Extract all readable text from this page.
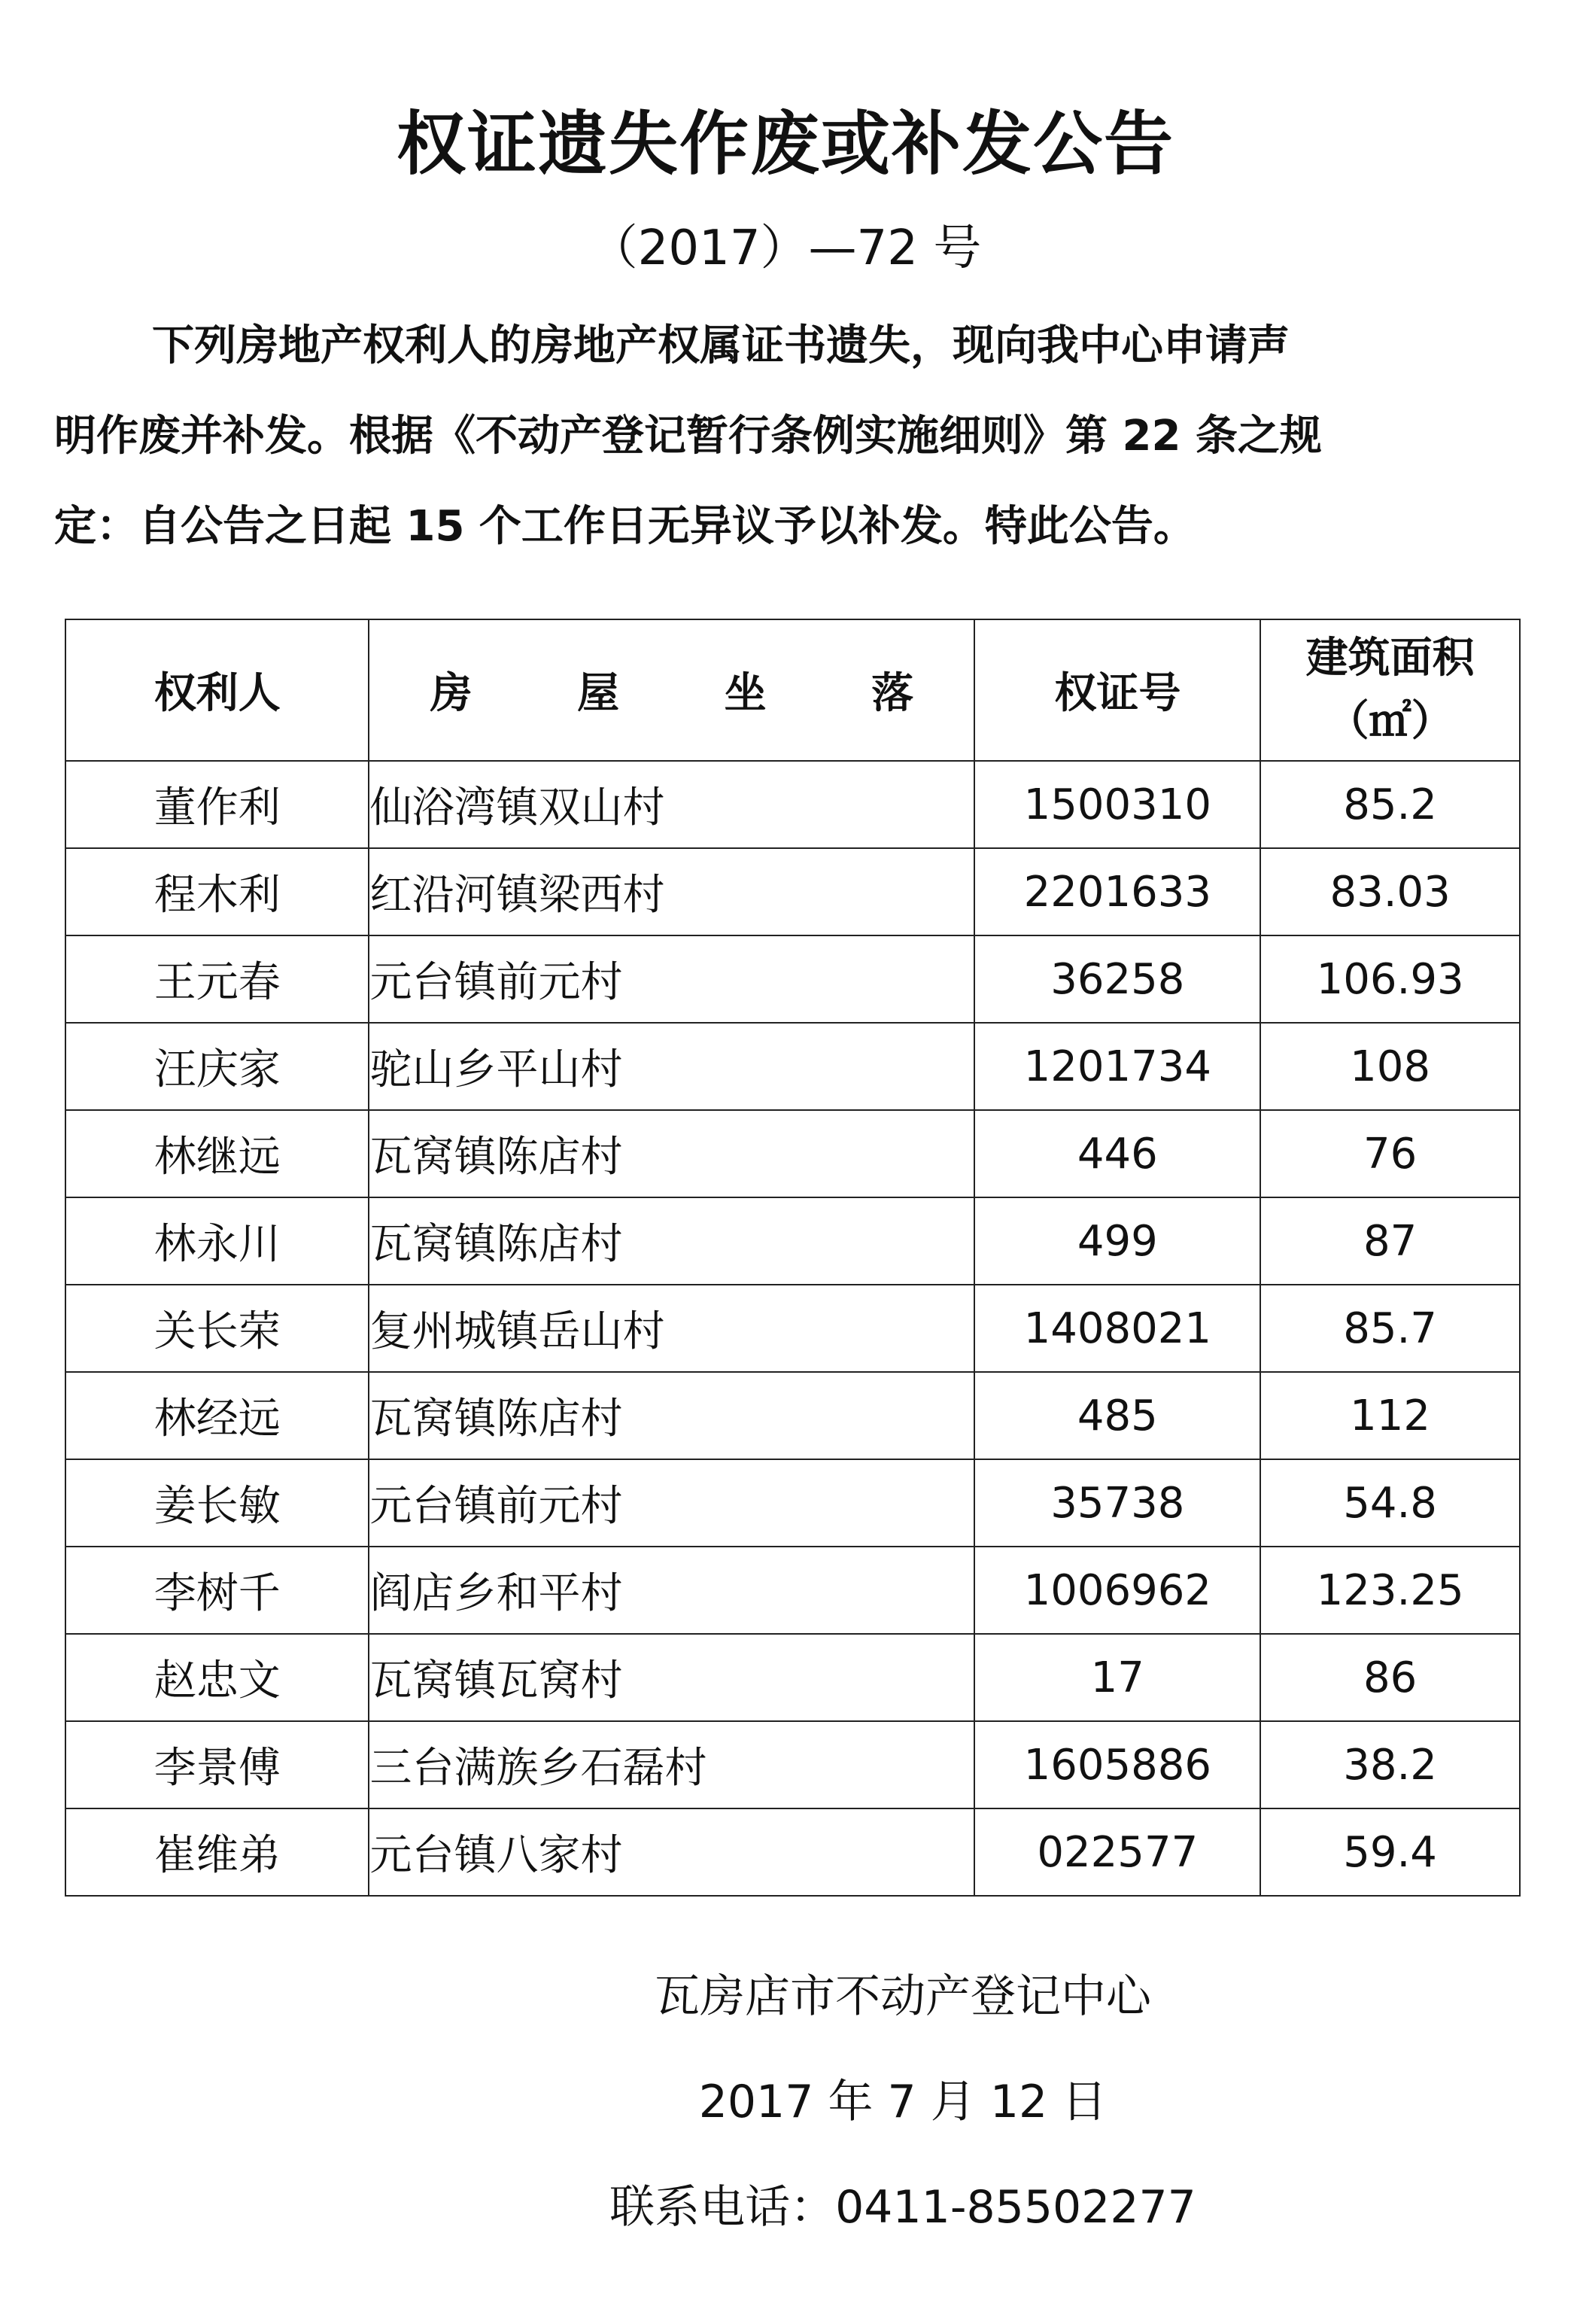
权证遗失作废或补发公告
（2017）—72 号
下列房地产权利人的房地产权属证书遗失，现向我中心申请声
明作废并补发。根据《不动产登记暂行条例实施细则》第 22 条之规
定：自公告之日起 15 个工作日无异议予以补发。特此公告。
权利人	房 屋 坐 落	权证号	建筑面积
（㎡）

董作利	仙浴湾镇双山村	1500310	85.2
程木利	红沿河镇梁西村	2201633	83.03
王元春	元台镇前元村	36258	106.93
汪庆家	驼山乡平山村	1201734	108
林继远	瓦窝镇陈店村	446	76
林永川	瓦窝镇陈店村	499	87
关长荣	复州城镇岳山村	1408021	85.7
林经远	瓦窝镇陈店村	485	112
姜长敏	元台镇前元村	35738	54.8
李树千	阎店乡和平村	1006962	123.25
赵忠文	瓦窝镇瓦窝村	17	86
李景傅	三台满族乡石磊村	1605886	38.2
崔维弟	元台镇八家村	022577	59.4
瓦房店市不动产登记中心
2017 年 7 月 12 日
联系电话：0411-85502277
